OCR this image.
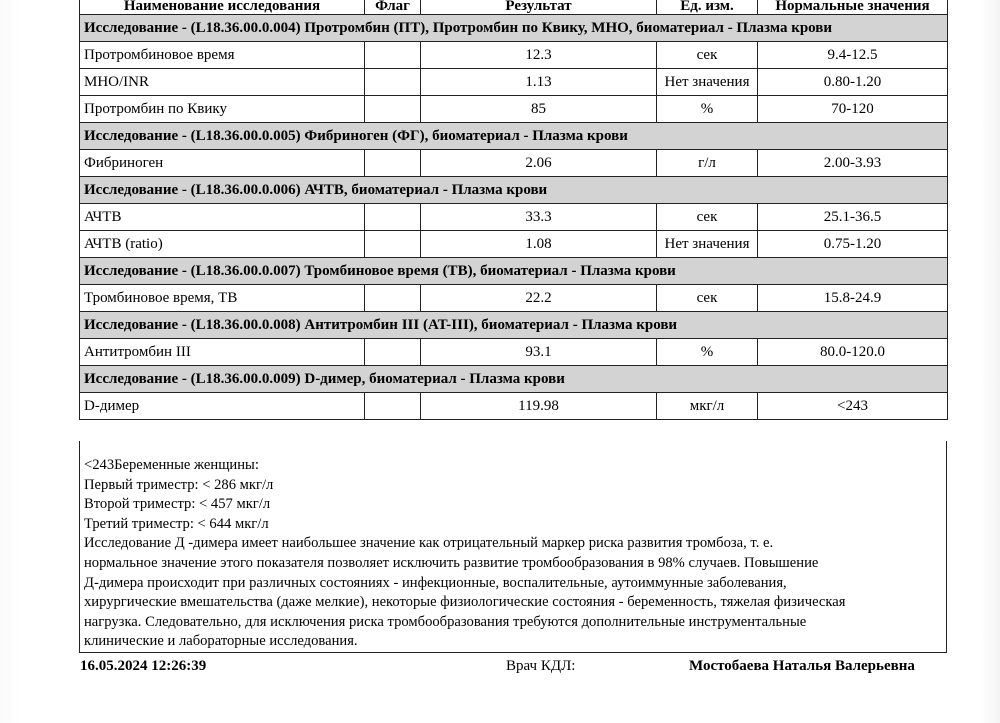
Наименование исследования	Флаг	Результат	Ед. изм.	Нормальные значения
Исследование - (L18.36.00.0.004) Протромбин (ПТ), Протромбин по Квику, МНО, биоматериал - Плазма крови				
Протромбиновое время		12.3	сек	9.4-12.5
МНО/INR		1.13	Нет значения	0.80-1.20
Протромбин по Квику		85	%	70-120
Исследование - (L18.36.00.0.005) Фибриноген (ФГ), биоматериал - Плазма крови				
Фибриноген		2.06	г/л	2.00-3.93
Исследование - (L18.36.00.0.006) АЧТВ, биоматериал - Плазма крови				
АЧТВ		33.3	сек	25.1-36.5
АЧТВ (ratio)		1.08	Нет значения	0.75-1.20
Исследование - (L18.36.00.0.007) Тромбиновое время (ТВ), биоматериал - Плазма крови				
Тромбиновое время, ТВ		22.2	сек	15.8-24.9
Исследование - (L18.36.00.0.008) Антитромбин III (AT-III), биоматериал - Плазма крови				
Антитромбин III		93.1	%	80.0-120.0
Исследование - (L18.36.00.0.009) D-димер, биоматериал - Плазма крови				
D-димер		119.98	мкг/л	<243
<243Беременные женщины:
Первый триместр: < 286 мкг/л
Второй триместр: < 457 мкг/л
Третий триместр: < 644 мкг/л
Исследование Д -димера имеет наибольшее значение как отрицательный маркер риска развития тромбоза, т. е.
нормальное значение этого показателя позволяет исключить развитие тромбообразования в 98% случаев. Повышение
Д-димера происходит при различных состояниях - инфекционные, воспалительные, аутоиммунные заболевания,
хирургические вмешательства (даже мелкие), некоторые физиологические состояния - беременность, тяжелая физическая
нагрузка. Следовательно, для исключения риска тромбообразования требуются дополнительные инструментальные
клинические и лабораторные исследования.
16.05.2024 12:26:39	Врач КДЛ:	Мостобаева Наталья Валерьевна
